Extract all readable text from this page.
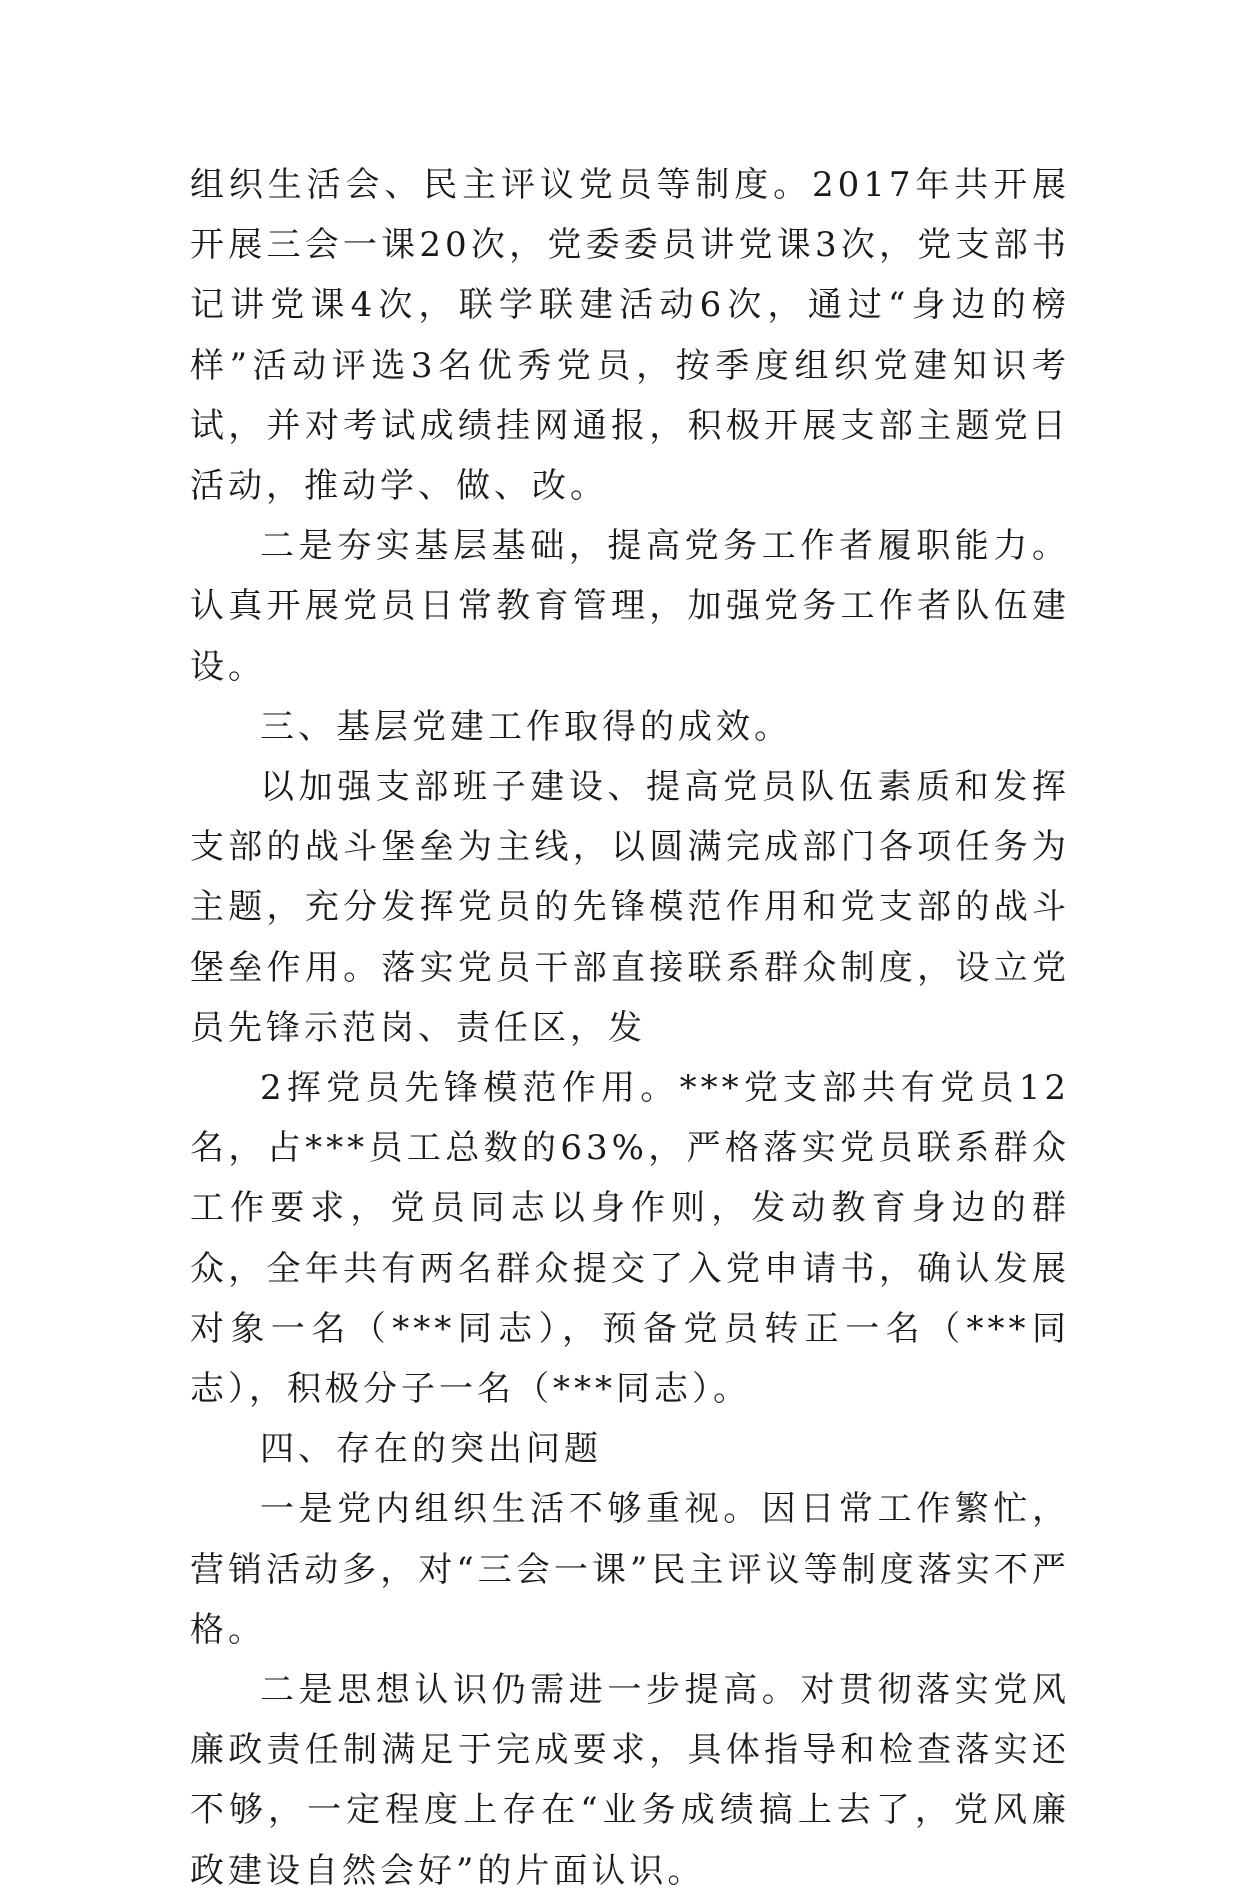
组织生活会、民主评议党员等制度。2017年共开展开展三会一课20次，党委委员讲党课3次，党支部书记讲党课4次，联学联建活动6次，通过“身边的榜样”活动评选3名优秀党员，按季度组织党建知识考试，并对考试成绩挂网通报，积极开展支部主题党日活动，推动学、做、改。

二是夯实基层基础，提高党务工作者履职能力。认真开展党员日常教育管理，加强党务工作者队伍建设。

三、基层党建工作取得的成效。

以加强支部班子建设、提高党员队伍素质和发挥支部的战斗堡垒为主线，以圆满完成部门各项任务为主题，充分发挥党员的先锋模范作用和党支部的战斗堡垒作用。落实党员干部直接联系群众制度，设立党员先锋示范岗、责任区，发

2挥党员先锋模范作用。***党支部共有党员12名，占***员工总数的63%，严格落实党员联系群众工作要求，党员同志以身作则，发动教育身边的群众，全年共有两名群众提交了入党申请书，确认发展对象一名（***同志），预备党员转正一名（***同志），积极分子一名（***同志）。

四、存在的突出问题

一是党内组织生活不够重视。因日常工作繁忙，营销活动多，对“三会一课”民主评议等制度落实不严格。

二是思想认识仍需进一步提高。对贯彻落实党风廉政责任制满足于完成要求，具体指导和检查落实还不够，一定程度上存在“业务成绩搞上去了，党风廉政建设自然会好”的片面认识。
